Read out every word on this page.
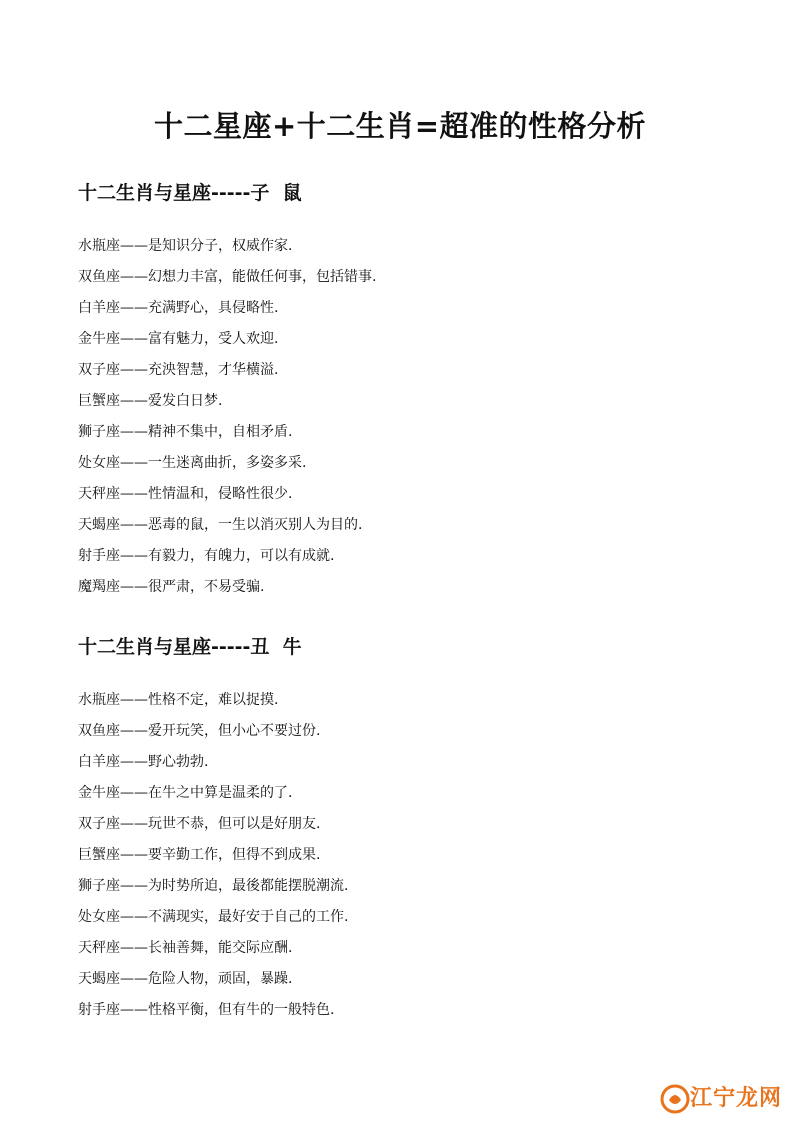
十二星座+十二生肖=超准的性格分析
十二生肖与星座-----子  鼠
水瓶座——是知识分子，权威作家.
双鱼座——幻想力丰富，能做任何事，包括错事.
白羊座——充满野心，具侵略性.
金牛座——富有魅力，受人欢迎.
双子座——充泱智慧，才华横溢.
巨蟹座——爱发白日梦.
狮子座——精神不集中，自相矛盾.
处女座——一生迷离曲折，多姿多采.
天秤座——性情温和，侵略性很少.
天蝎座——恶毒的鼠，一生以消灭别人为目的.
射手座——有毅力，有魄力，可以有成就.
魔羯座——很严肃，不易受骗.
十二生肖与星座-----丑  牛
水瓶座——性格不定，难以捉摸.
双鱼座——爱开玩笑，但小心不要过份.
白羊座——野心勃勃.
金牛座——在牛之中算是温柔的了.
双子座——玩世不恭，但可以是好朋友.
巨蟹座——要辛勤工作，但得不到成果.
狮子座——为时势所迫，最後都能摆脱潮流.
处女座——不满现实，最好安于自己的工作.
天秤座——长袖善舞，能交际应酬.
天蝎座——危险人物，顽固，暴躁.
射手座——性格平衡，但有牛的一般特色.
江宁龙网
